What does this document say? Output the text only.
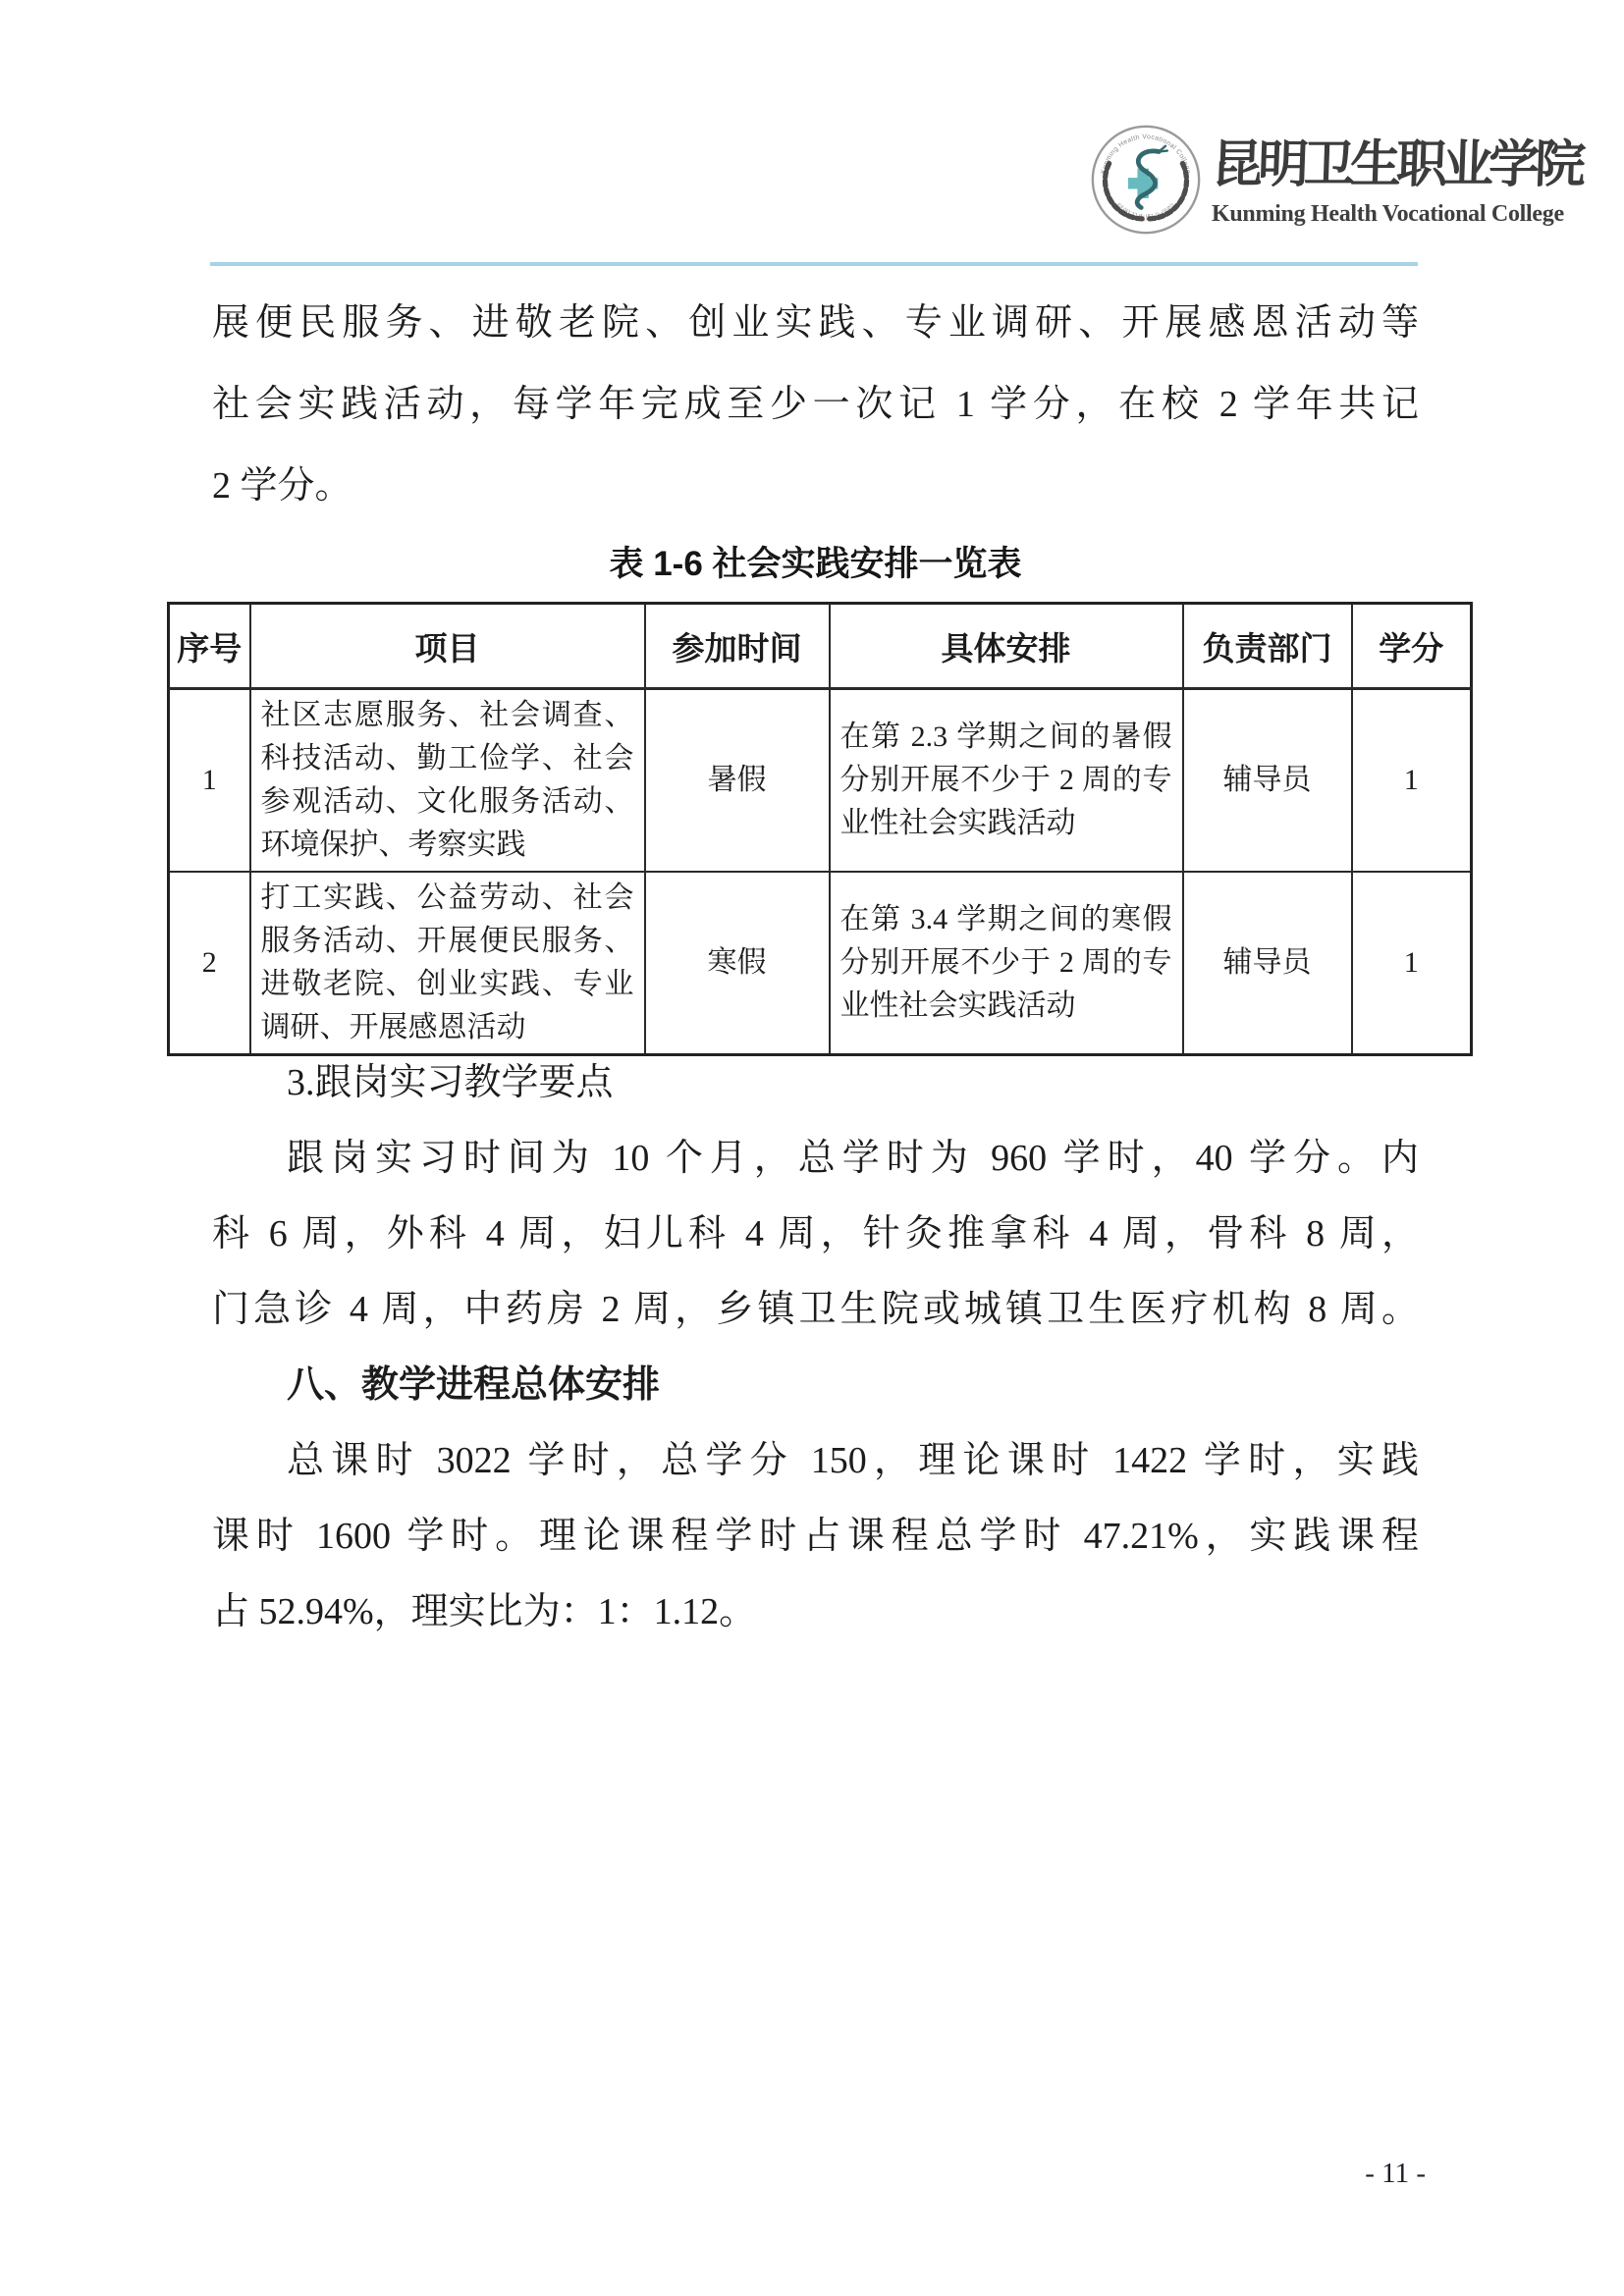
Kunming Health Vocational College
昆明卫生职业学院
昆明卫生职业学院
Kunming Health Vocational College
展便民服务、进敬老院、创业实践、专业调研、开展感恩活动等
社会实践活动，每学年完成至少一次记 1 学分，在校 2 学年共记
2 学分。
表 1-6 社会实践安排一览表
序号	项目	参加时间	具体安排	负责部门	学分
1	社区志愿服务、社会调查、科技活动、勤工俭学、社会参观活动、文化服务活动、环境保护、考察实践	暑假	在第 2.3 学期之间的暑假分别开展不少于 2 周的专业性社会实践活动	辅导员	1
2	打工实践、公益劳动、社会服务活动、开展便民服务、进敬老院、创业实践、专业调研、开展感恩活动	寒假	在第 3.4 学期之间的寒假分别开展不少于 2 周的专业性社会实践活动	辅导员	1
3.跟岗实习教学要点
跟岗实习时间为 10 个月，总学时为 960 学时，40 学分。内
科 6 周，外科 4 周，妇儿科 4 周，针灸推拿科 4 周，骨科 8 周，
门急诊 4 周，中药房 2 周，乡镇卫生院或城镇卫生医疗机构 8 周。
八、教学进程总体安排
总课时 3022 学时，总学分 150，理论课时 1422 学时，实践
课时 1600 学时。理论课程学时占课程总学时 47.21%，实践课程
占 52.94%，理实比为：1：1.12。
- 11 -
